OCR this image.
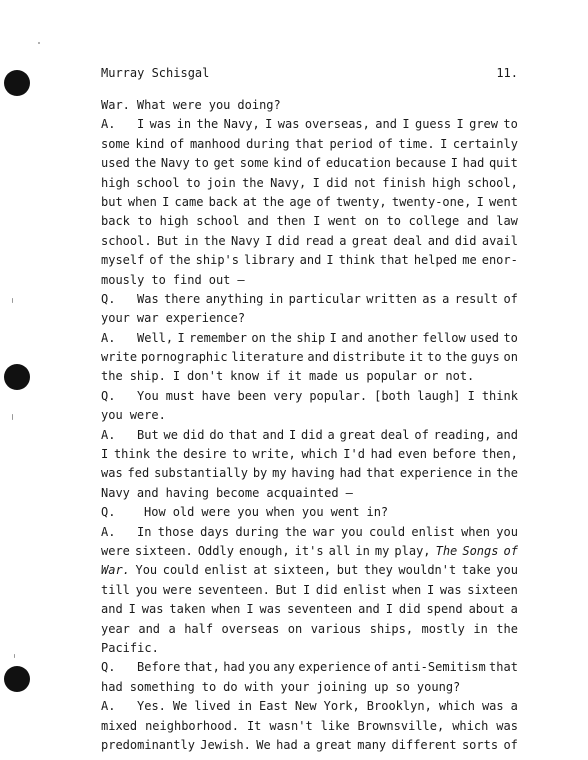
Murray Schisgal	11.
War. What were you doing?
A.	I was in the Navy, I was overseas, and I guess I grew to
some kind of manhood during that period of time. I certainly
used the Navy to get some kind of education because I had quit
high school to join the Navy, I did not finish high school,
but when I came back at the age of twenty, twenty-one, I went
back to high school and then I went on to college and law
school. But in the Navy I did read a great deal and did avail
myself of the ship's library and I think that helped me enor-
mously to find out —
Q.	Was there anything in particular written as a result of
your war experience?
A.	Well, I remember on the ship I and another fellow used to
write pornographic literature and distribute it to the guys on
the ship. I don't know if it made us popular or not.
Q.	You must have been very popular. [both laugh] I think
you were.
A.	But we did do that and I did a great deal of reading, and
I think the desire to write, which I'd had even before then,
was fed substantially by my having had that experience in the
Navy and having become acquainted —
Q.	How old were you when you went in?
A.	In those days during the war you could enlist when you
were sixteen. Oddly enough, it's all in my play, The Songs of
War. You could enlist at sixteen, but they wouldn't take you
till you were seventeen. But I did enlist when I was sixteen
and I was taken when I was seventeen and I did spend about a
year and a half overseas on various ships, mostly in the
Pacific.
Q.	Before that, had you any experience of anti-Semitism that
had something to do with your joining up so young?
A.	Yes. We lived in East New York, Brooklyn, which was a
mixed neighborhood. It wasn't like Brownsville, which was
predominantly Jewish. We had a great many different sorts of
